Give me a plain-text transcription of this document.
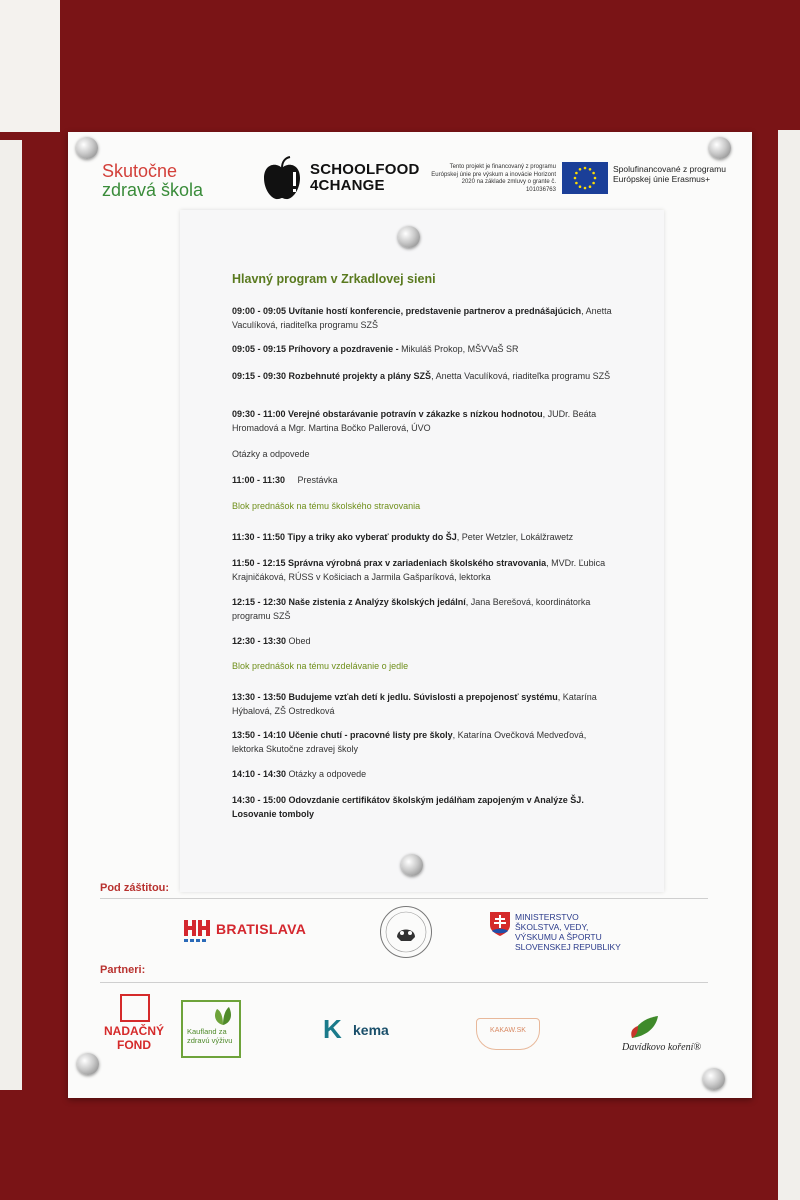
Skutočne
zdravá škola
SCHOOLFOOD
4CHANGE
Tento projekt je financovaný z programu Európskej únie pre výskum a inovácie Horizont 2020 na základe zmluvy o grante č. 101036763
Spolufinancované z programu Európskej únie Erasmus+
Hlavný program v Zrkadlovej sieni
09:00 - 09:05 Uvítanie hostí konferencie, predstavenie partnerov a prednášajúcich, Anetta Vaculíková, riaditeľka programu SZŠ
09:05 - 09:15 Príhovory a pozdravenie - Mikuláš Prokop, MŠVVaŠ SR
09:15 - 09:30 Rozbehnuté projekty a plány SZŠ, Anetta Vaculíková, riaditeľka programu SZŠ
09:30 - 11:00 Verejné obstarávanie potravín v zákazke s nízkou hodnotou, JUDr. Beáta Hromadová a Mgr. Martina Bočko Pallerová, ÚVO
Otázky a odpovede
11:00 - 11:30     Prestávka
Blok prednášok na tému školského stravovania
11:30 - 11:50 Tipy a triky ako vyberať produkty do ŠJ, Peter Wetzler, Lokálžrawetz
11:50 - 12:15 Správna výrobná prax v zariadeniach školského stravovania, MVDr. Ľubica Krajničáková, RÚSS v Košiciach a Jarmila Gašparíková, lektorka
12:15 - 12:30 Naše zistenia z Analýzy školských jedální, Jana Berešová, koordinátorka programu SZŠ
12:30 - 13:30 Obed
Blok prednášok na tému vzdelávanie o jedle
13:30 - 13:50 Budujeme vzťah detí k jedlu. Súvislosti a prepojenosť systému, Katarína Hýbalová, ZŠ Ostredková
13:50 - 14:10 Učenie chutí - pracovné listy pre školy, Katarína Ovečková Medveďová, lektorka Skutočne zdravej školy
14:10 - 14:30 Otázky a odpovede
14:30 - 15:00 Odovzdanie certifikátov školským jedálňam zapojeným v Analýze ŠJ. Losovanie tomboly
Pod záštitou:
BRATISLAVA
MINISTERSTVO ŠKOLSTVA, VEDY, VÝSKUMU A ŠPORTU SLOVENSKEJ REPUBLIKY
Partneri:
NADAČNÝ FOND
Kaufland za zdravú výživu	K kema	KAKAW.SK
Davídkovo koření®
